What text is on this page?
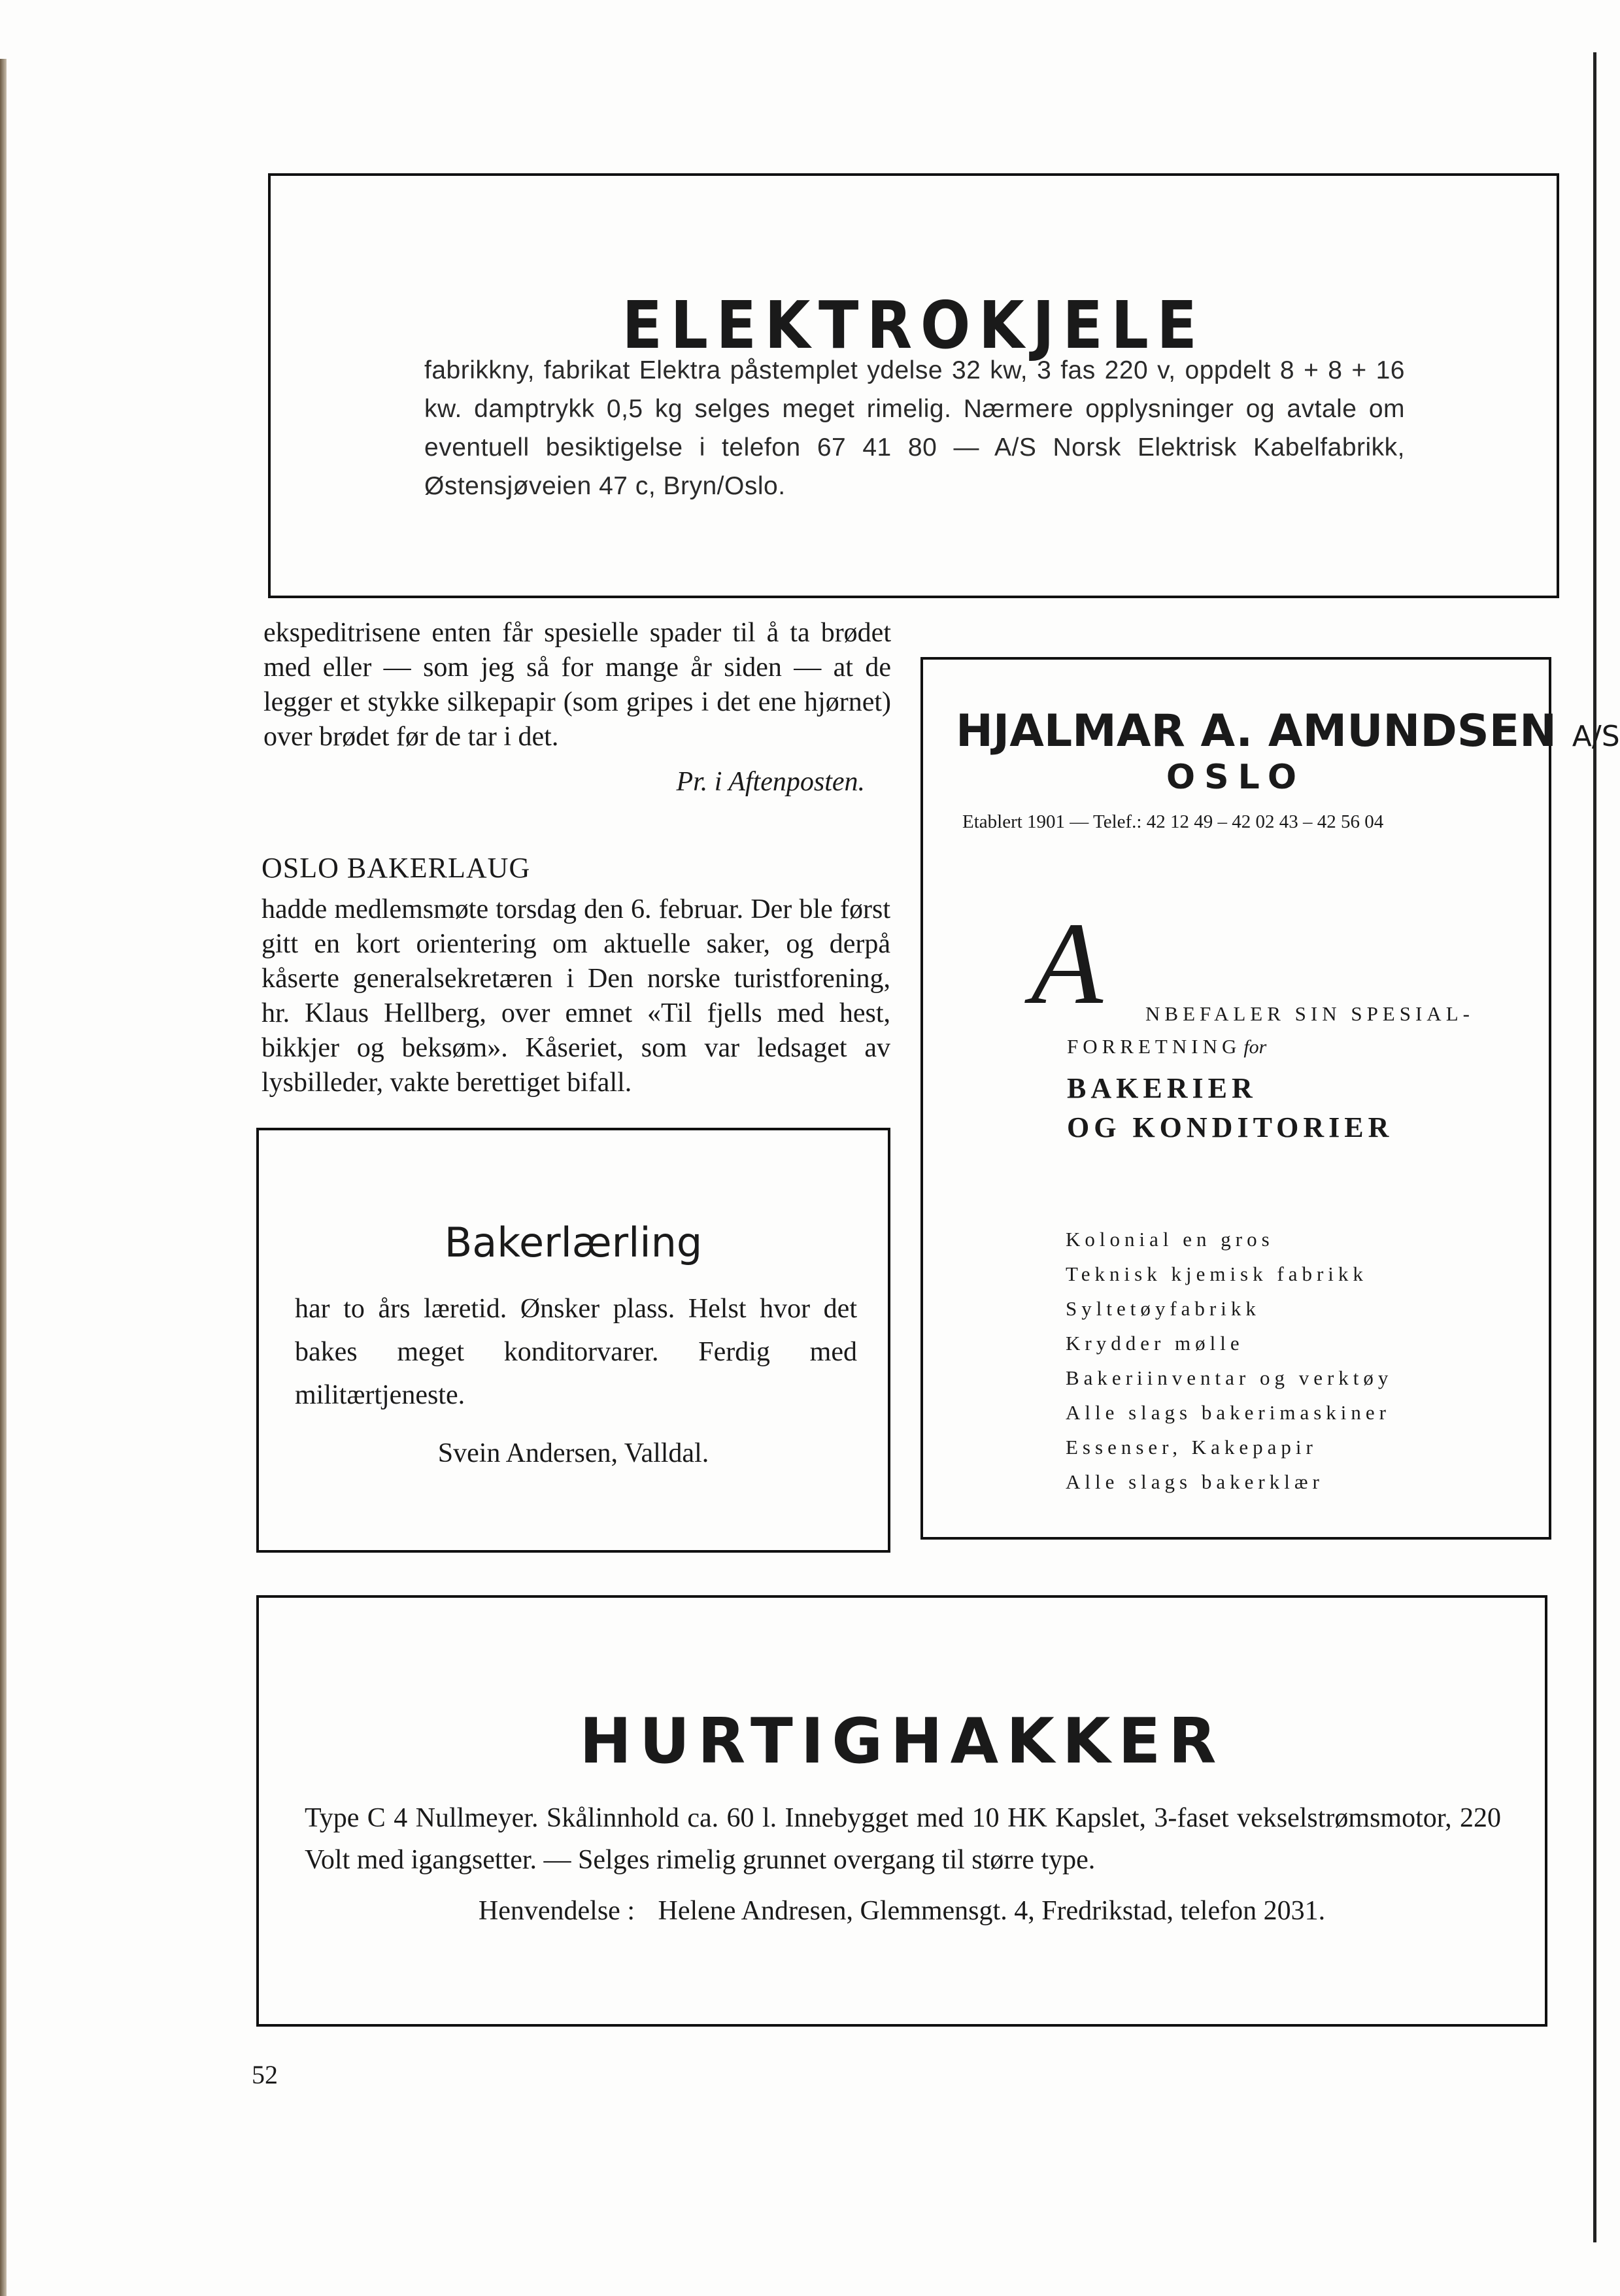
ELEKTROKJELE
fabrikkny, fabrikat Elektra påstemplet ydelse 32 kw, 3 fas 220 v, oppdelt 8 + 8 + 16 kw. damptrykk 0,5 kg selges meget rimelig. Nærmere opplysninger og avtale om eventuell besiktigelse i telefon 67 41 80 — A/S Norsk Elektrisk Kabelfabrikk, Østensjøveien 47 c, Bryn/Oslo.
ekspeditrisene enten får spesielle spader til å ta brødet med eller — som jeg så for mange år siden — at de legger et stykke silkepapir (som gripes i det ene hjørnet) over brødet før de tar i det.
Pr. i Aftenposten.
OSLO BAKERLAUG
hadde medlemsmøte torsdag den 6. februar. Der ble først gitt en kort orientering om aktuelle saker, og derpå kåserte generalsekretæren i Den norske turistforening, hr. Klaus Hellberg, over emnet «Til fjells med hest, bikkjer og beksøm». Kåseriet, som var ledsaget av lysbilleder, vakte berettiget bifall.
Bakerlærling
har to års læretid. Ønsker plass. Helst hvor det bakes meget konditorvarer. Ferdig med militærtjeneste.
Svein Andersen, Valldal.
HJALMAR A. AMUNDSEN A/S
OSLO
Etablert 1901 — Telef.: 42 12 49 – 42 02 43 – 42 56 04
A NBEFALER SIN SPESIAL-
FORRETNING for
BAKERIER
OG KONDITORIER
Kolonial en gros
Teknisk kjemisk fabrikk
Syltetøyfabrikk
Krydder mølle
Bakeriinventar og verktøy
Alle slags bakerimaskiner
Essenser, Kakepapir
Alle slags bakerklær
HURTIGHAKKER
Type C 4 Nullmeyer. Skålinnhold ca. 60 l. Innebygget med 10 HK Kapslet, 3-faset vekselstrømsmotor, 220 Volt med igangsetter. — Selges rimelig grunnet overgang til større type.
Henvendelse : Helene Andresen, Glemmensgt. 4, Fredrikstad, telefon 2031.
52
